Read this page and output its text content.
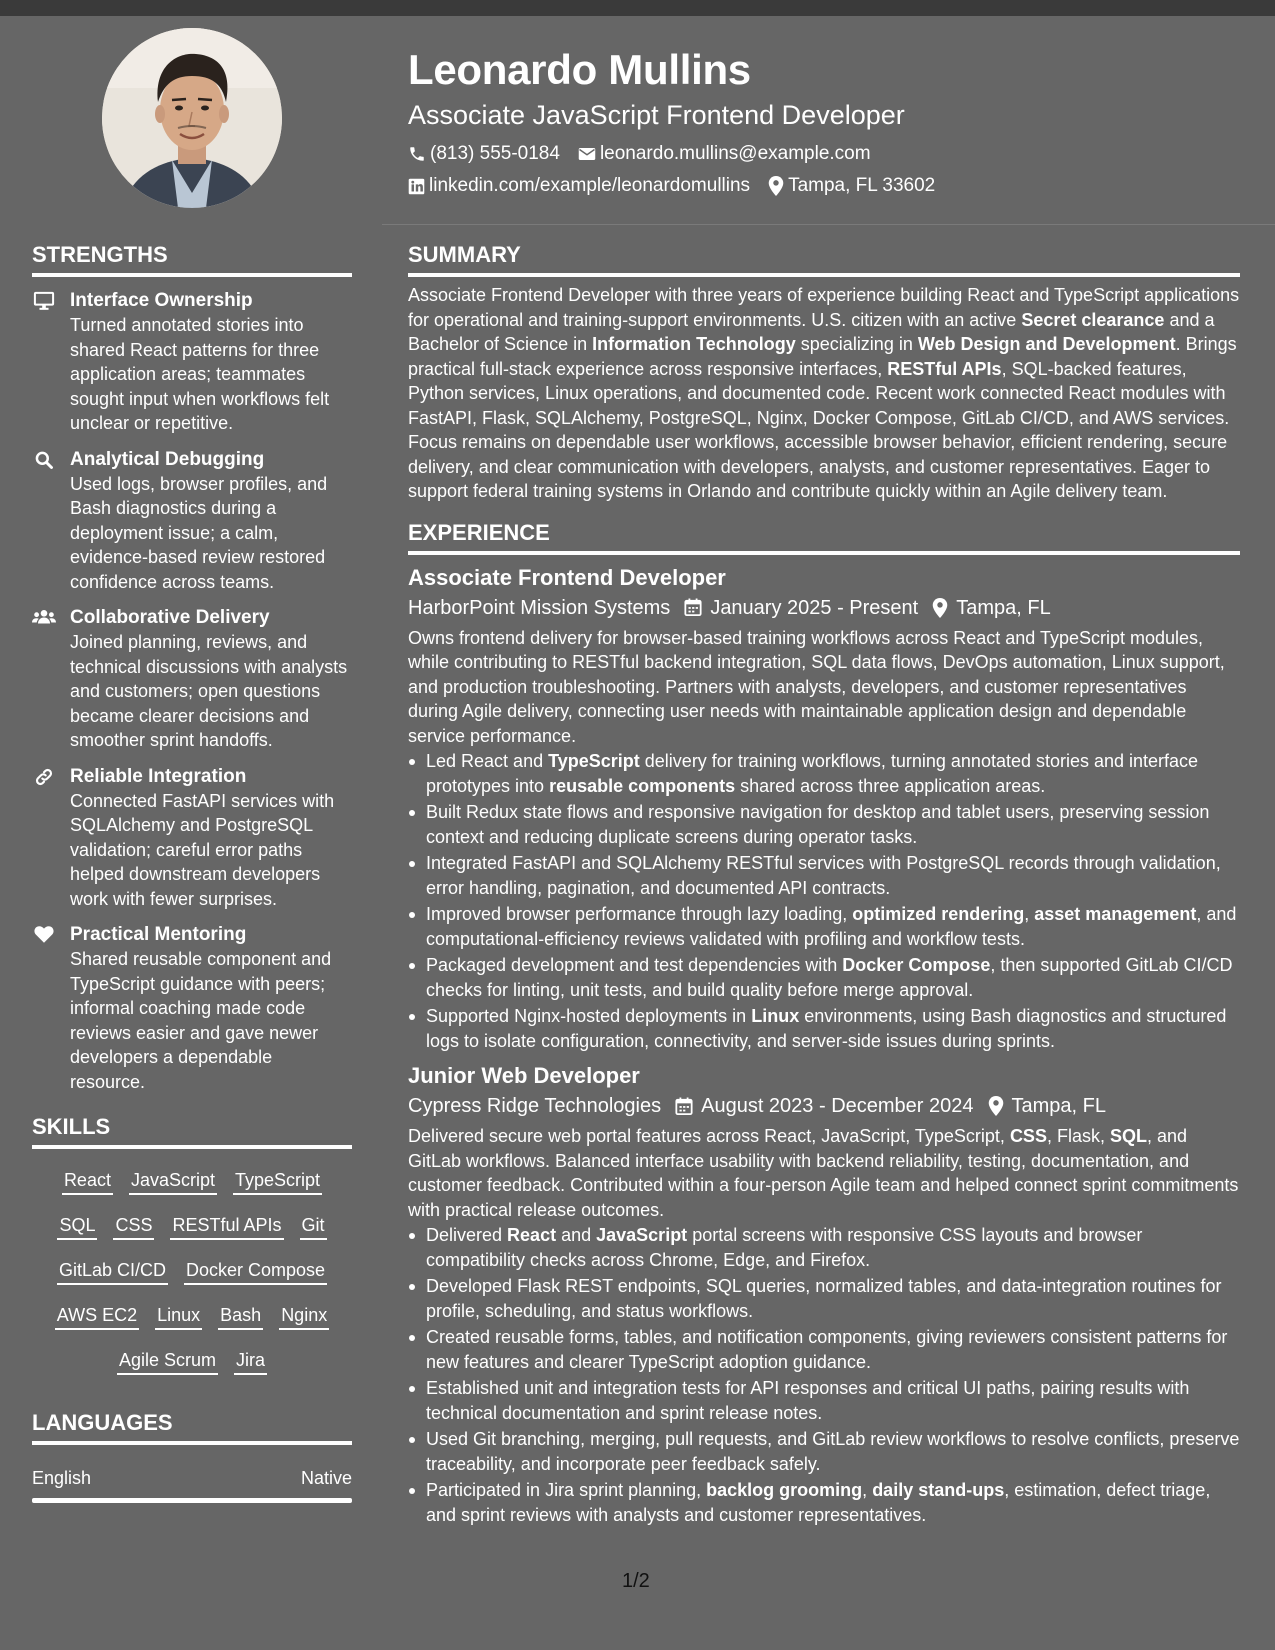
Leonardo Mullins
Associate JavaScript Frontend Developer
(813) 555-0184 leonardo.mullins@example.com
linkedin.com/example/leonardomullins Tampa, FL 33602
STRENGTHS
Interface Ownership
Turned annotated stories into shared React patterns for three application areas; teammates sought input when workflows felt unclear or repetitive.
Analytical Debugging
Used logs, browser profiles, and Bash diagnostics during a deployment issue; a calm, evidence-based review restored confidence across teams.
Collaborative Delivery
Joined planning, reviews, and technical discussions with analysts and customers; open questions became clearer decisions and smoother sprint handoffs.
Reliable Integration
Connected FastAPI services with SQLAlchemy and PostgreSQL validation; careful error paths helped downstream developers work with fewer surprises.
Practical Mentoring
Shared reusable component and TypeScript guidance with peers; informal coaching made code reviews easier and gave newer developers a dependable resource.
SKILLS
React JavaScript TypeScript
SQL CSS RESTful APIs Git
GitLab CI/CD Docker Compose
AWS EC2 Linux Bash Nginx
Agile Scrum Jira
LANGUAGES
English	Native
SUMMARY
Associate Frontend Developer with three years of experience building React and TypeScript applications for operational and training-support environments. U.S. citizen with an active Secret clearance and a Bachelor of Science in Information Technology specializing in Web Design and Development. Brings practical full-stack experience across responsive interfaces, RESTful APIs, SQL-backed features, Python services, Linux operations, and documented code. Recent work connected React modules with FastAPI, Flask, SQLAlchemy, PostgreSQL, Nginx, Docker Compose, GitLab CI/CD, and AWS services. Focus remains on dependable user workflows, accessible browser behavior, efficient rendering, secure delivery, and clear communication with developers, analysts, and customer representatives. Eager to support federal training systems in Orlando and contribute quickly within an Agile delivery team.
EXPERIENCE
Associate Frontend Developer
HarborPoint Mission Systems January 2025 - Present Tampa, FL
Owns frontend delivery for browser-based training workflows across React and TypeScript modules, while contributing to RESTful backend integration, SQL data flows, DevOps automation, Linux support, and production troubleshooting. Partners with analysts, developers, and customer representatives during Agile delivery, connecting user needs with maintainable application design and dependable service performance.
Led React and TypeScript delivery for training workflows, turning annotated stories and interface prototypes into reusable components shared across three application areas.
Built Redux state flows and responsive navigation for desktop and tablet users, preserving session context and reducing duplicate screens during operator tasks.
Integrated FastAPI and SQLAlchemy RESTful services with PostgreSQL records through validation, error handling, pagination, and documented API contracts.
Improved browser performance through lazy loading, optimized rendering, asset management, and computational-efficiency reviews validated with profiling and workflow tests.
Packaged development and test dependencies with Docker Compose, then supported GitLab CI/CD checks for linting, unit tests, and build quality before merge approval.
Supported Nginx-hosted deployments in Linux environments, using Bash diagnostics and structured logs to isolate configuration, connectivity, and server-side issues during sprints.
Junior Web Developer
Cypress Ridge Technologies August 2023 - December 2024 Tampa, FL
Delivered secure web portal features across React, JavaScript, TypeScript, CSS, Flask, SQL, and GitLab workflows. Balanced interface usability with backend reliability, testing, documentation, and customer feedback. Contributed within a four-person Agile team and helped connect sprint commitments with practical release outcomes.
Delivered React and JavaScript portal screens with responsive CSS layouts and browser compatibility checks across Chrome, Edge, and Firefox.
Developed Flask REST endpoints, SQL queries, normalized tables, and data-integration routines for profile, scheduling, and status workflows.
Created reusable forms, tables, and notification components, giving reviewers consistent patterns for new features and clearer TypeScript adoption guidance.
Established unit and integration tests for API responses and critical UI paths, pairing results with technical documentation and sprint release notes.
Used Git branching, merging, pull requests, and GitLab review workflows to resolve conflicts, preserve traceability, and incorporate peer feedback safely.
Participated in Jira sprint planning, backlog grooming, daily stand-ups, estimation, defect triage, and sprint reviews with analysts and customer representatives.
1/2
